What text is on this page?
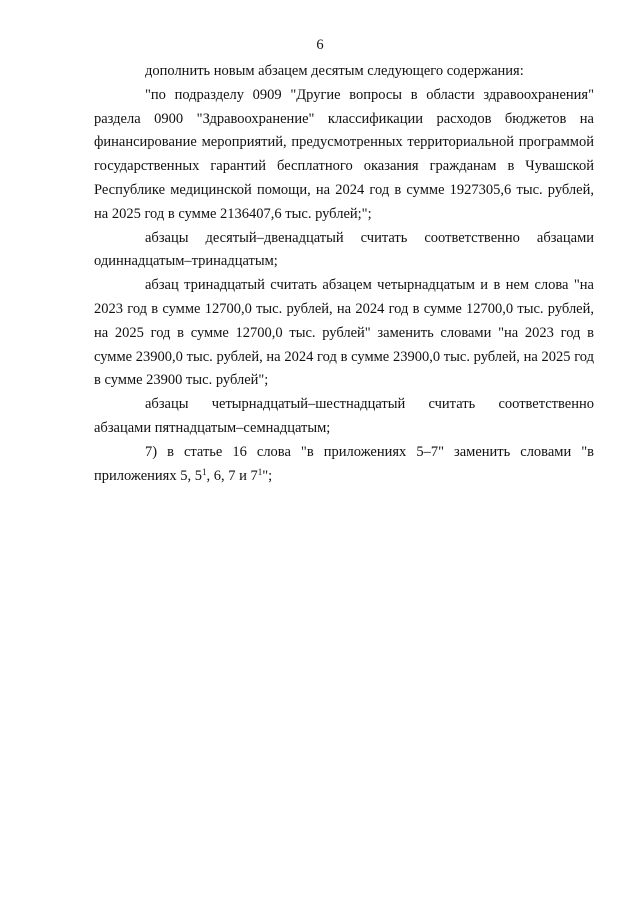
6

дополнить новым абзацем десятым следующего содержания:

"по подразделу 0909 "Другие вопросы в области здравоохранения" раздела 0900 "Здравоохранение" классификации расходов бюджетов на финансирование мероприятий, предусмотренных территориальной программой государственных гарантий бесплатного оказания гражданам в Чувашской Республике медицинской помощи, на 2024 год в сумме 1927305,6 тыс. рублей, на 2025 год в сумме 2136407,6 тыс. рублей;";

абзацы десятый–двенадцатый считать соответственно абзацами одиннадцатым–тринадцатым;

абзац тринадцатый считать абзацем четырнадцатым и в нем слова "на 2023 год в сумме 12700,0 тыс. рублей, на 2024 год в сумме 12700,0 тыс. рублей, на 2025 год в сумме 12700,0 тыс. рублей" заменить словами "на 2023 год в сумме 23900,0 тыс. рублей, на 2024 год в сумме 23900,0 тыс. рублей, на 2025 год в сумме 23900 тыс. рублей";

абзацы четырнадцатый–шестнадцатый считать соответственно абзацами пятнадцатым–семнадцатым;

7) в статье 16 слова "в приложениях 5–7" заменить словами "в приложениях 5, $5^1$, 6, 7 и $7^1$";
